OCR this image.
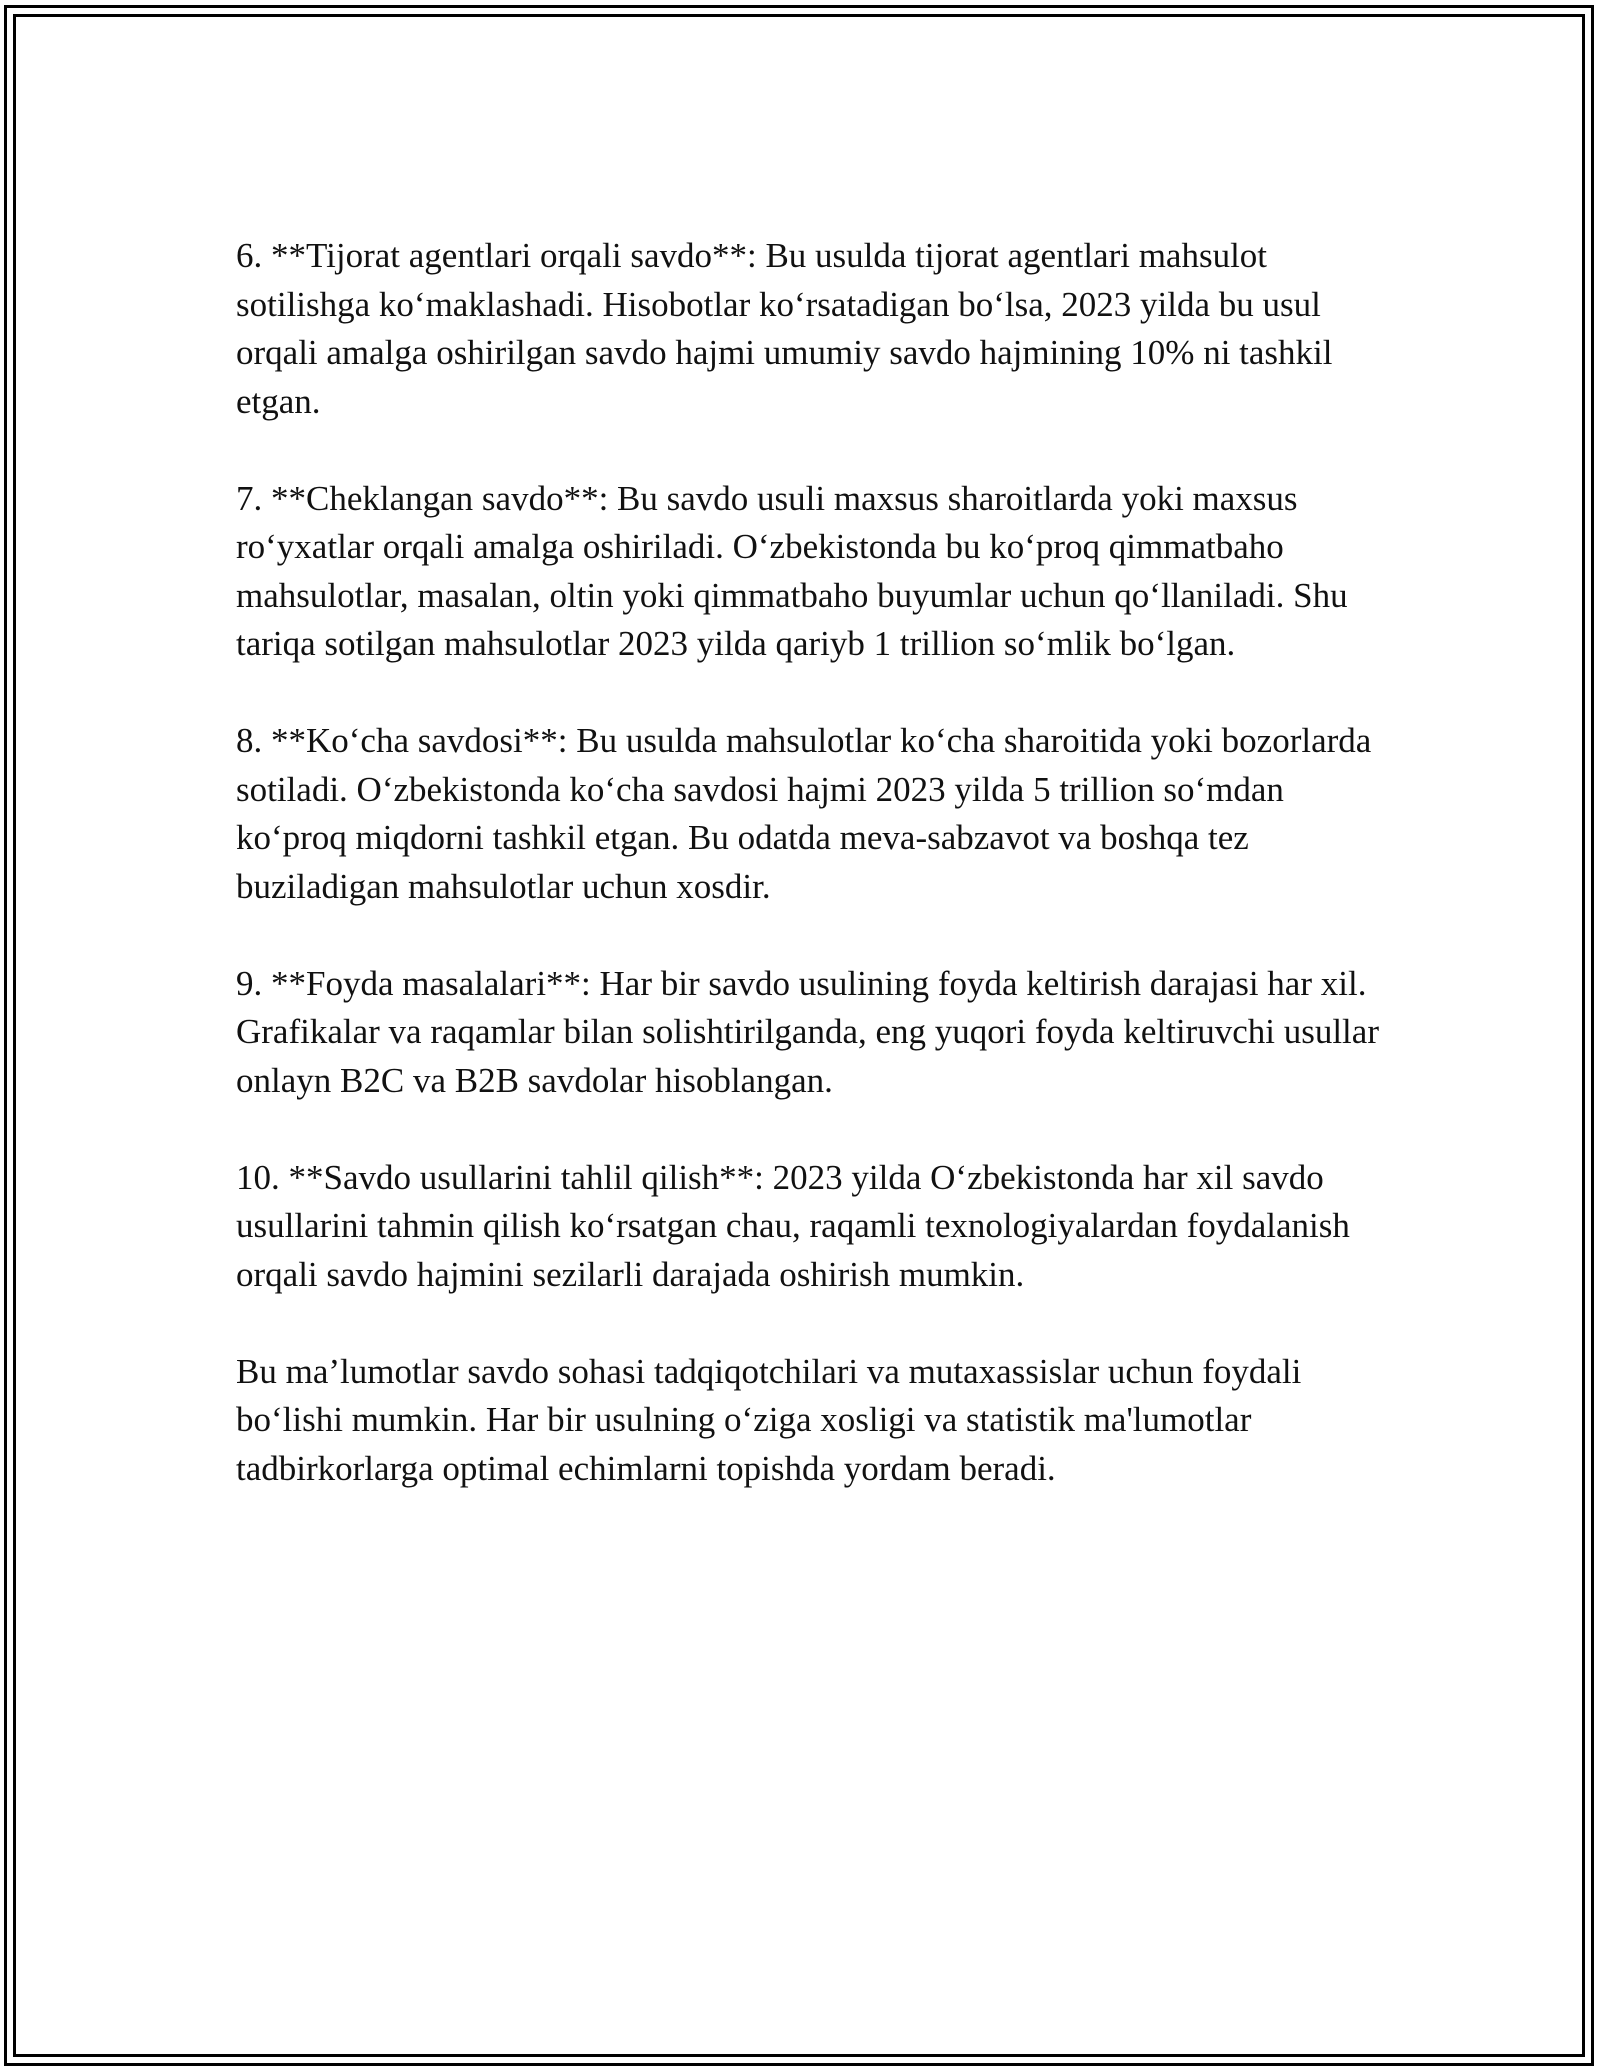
6. **Tijorat agentlari orqali savdo**: Bu usulda tijorat agentlari mahsulot sotilishga ko‘maklashadi. Hisobotlar ko‘rsatadigan bo‘lsa, 2023 yilda bu usul orqali amalga oshirilgan savdo hajmi umumiy savdo hajmining 10% ni tashkil etgan.

7. **Cheklangan savdo**: Bu savdo usuli maxsus sharoitlarda yoki maxsus ro‘yxatlar orqali amalga oshiriladi. O‘zbekistonda bu ko‘proq qimmatbaho mahsulotlar, masalan, oltin yoki qimmatbaho buyumlar uchun qo‘llaniladi. Shu tariqa sotilgan mahsulotlar 2023 yilda qariyb 1 trillion so‘mlik bo‘lgan.

8. **Ko‘cha savdosi**: Bu usulda mahsulotlar ko‘cha sharoitida yoki bozorlarda sotiladi. O‘zbekistonda ko‘cha savdosi hajmi 2023 yilda 5 trillion so‘mdan ko‘proq miqdorni tashkil etgan. Bu odatda meva-sabzavot va boshqa tez buziladigan mahsulotlar uchun xosdir.

9. **Foyda masalalari**: Har bir savdo usulining foyda keltirish darajasi har xil. Grafikalar va raqamlar bilan solishtirilganda, eng yuqori foyda keltiruvchi usullar onlayn B2C va B2B savdolar hisoblangan.

10. **Savdo usullarini tahlil qilish**: 2023 yilda O‘zbekistonda har xil savdo usullarini tahmin qilish ko‘rsatgan chau, raqamli texnologiyalardan foydalanish orqali savdo hajmini sezilarli darajada oshirish mumkin.

Bu ma’lumotlar savdo sohasi tadqiqotchilari va mutaxassislar uchun foydali bo‘lishi mumkin. Har bir usulning o‘ziga xosligi va statistik ma'lumotlar tadbirkorlarga optimal echimlarni topishda yordam beradi.
